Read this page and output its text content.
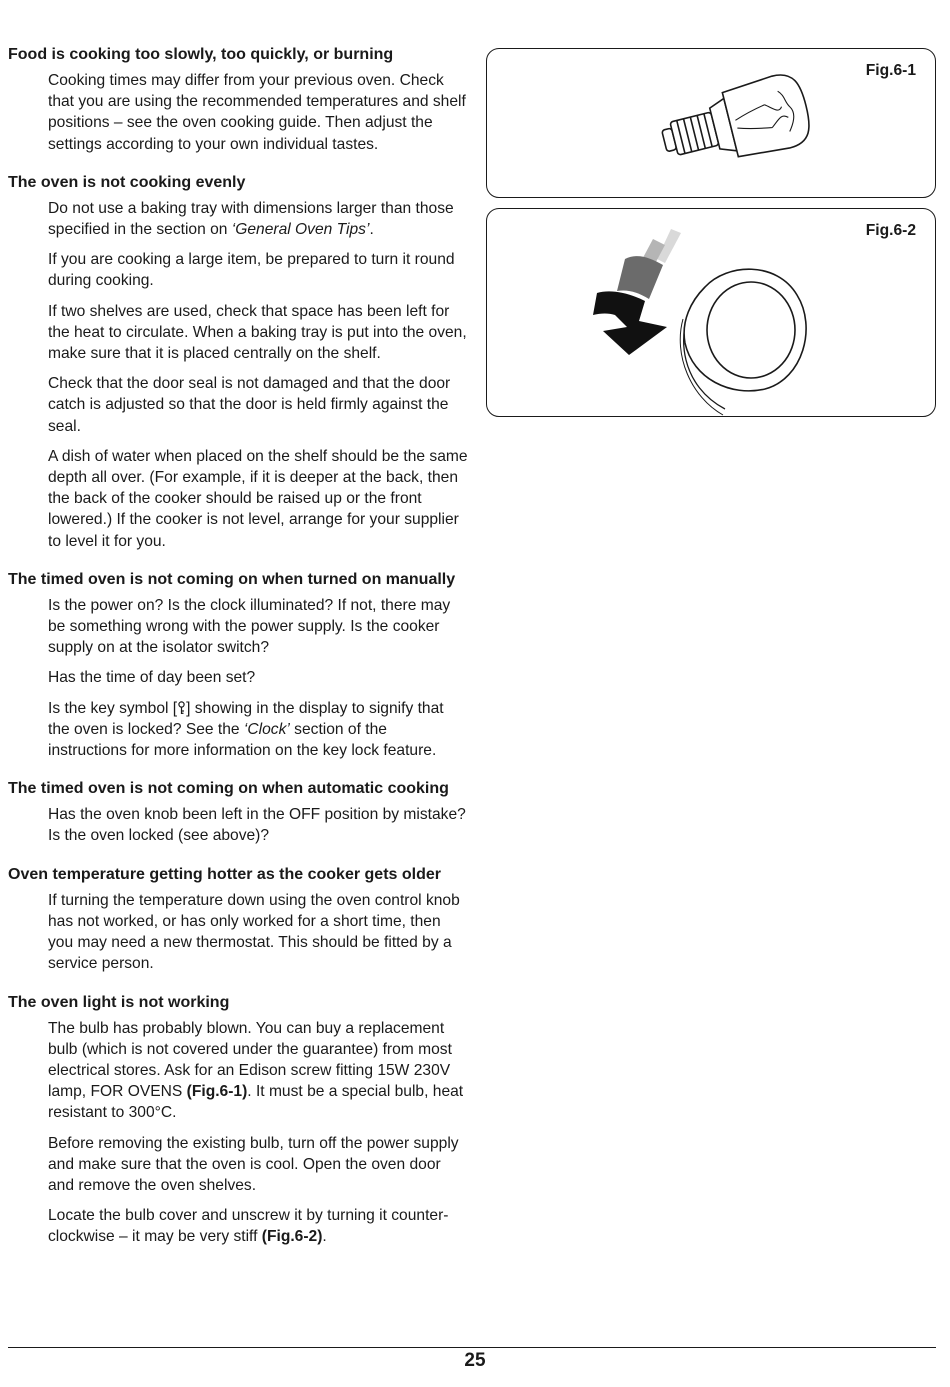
Food is cooking too slowly, too quickly, or burning
Cooking times may differ from your previous oven. Check that you are using the recommended temperatures and shelf positions – see the oven cooking guide. Then adjust the settings according to your own individual tastes.
The oven is not cooking evenly
Do not use a baking tray with dimensions larger than those specified in the section on ‘General Oven Tips’.
If you are cooking a large item, be prepared to turn it round during cooking.
If two shelves are used, check that space has been left for the heat to circulate. When a baking tray is put into the oven, make sure that it is placed centrally on the shelf.
Check that the door seal is not damaged and that the door catch is adjusted so that the door is held firmly against the seal.
A dish of water when placed on the shelf should be the same depth all over. (For example, if it is deeper at the back, then the back of the cooker should be raised up or the front lowered.) If the cooker is not level, arrange for your supplier to level it for you.
The timed oven is not coming on when turned on manually
Is the power on? Is the clock illuminated? If not, there may be something wrong with the power supply. Is the cooker supply on at the isolator switch?
Has the time of day been set?
Is the key symbol [ ] showing in the display to signify that the oven is locked? See the ‘Clock’ section of the instructions for more information on the key lock feature.
The timed oven is not coming on when automatic cooking
Has the oven knob been left in the OFF position by mistake? Is the oven locked (see above)?
Oven temperature getting hotter as the cooker gets older
If turning the temperature down using the oven control knob has not worked, or has only worked for a short time, then you may need a new thermostat. This should be fitted by a service person.
The oven light is not working
The bulb has probably blown. You can buy a replacement bulb (which is not covered under the guarantee) from most electrical stores. Ask for an Edison screw fitting 15W 230V lamp, FOR OVENS (Fig.6-1). It must be a special bulb, heat resistant to 300°C.
Before removing the existing bulb, turn off the power supply and make sure that the oven is cool. Open the oven door and remove the oven shelves.
Locate the bulb cover and unscrew it by turning it counter-clockwise – it may be very stiff (Fig.6-2).
Fig.6-1
Fig.6-2
25
